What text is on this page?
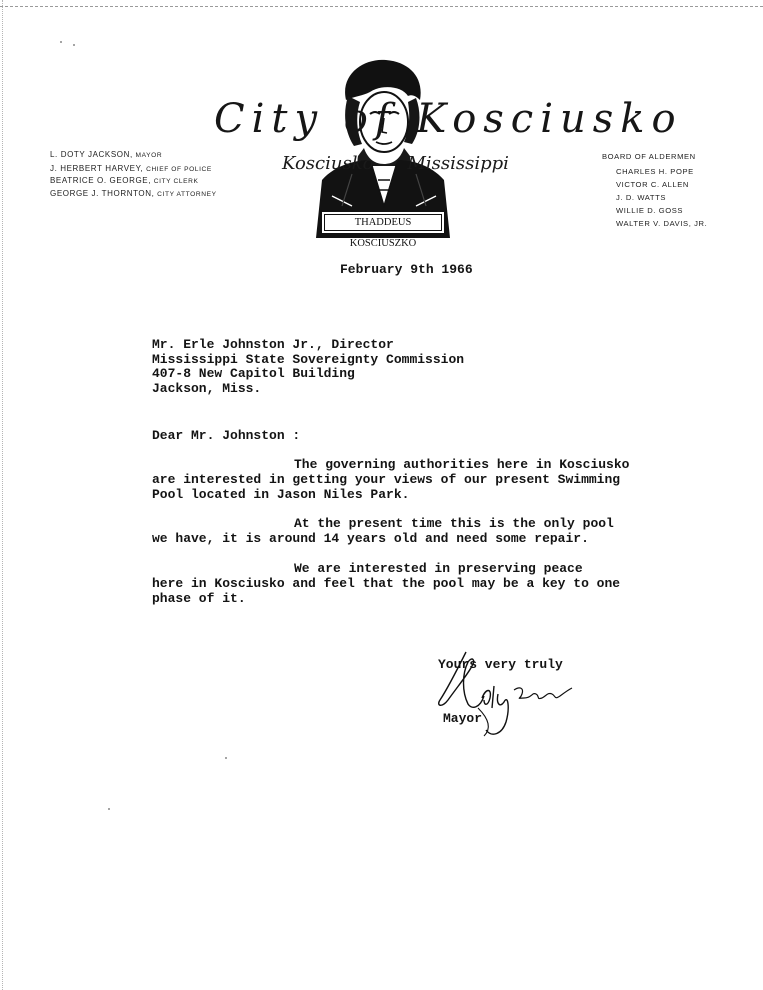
L. DOTY JACKSON, MAYOR
J. HERBERT HARVEY, CHIEF OF POLICE
BEATRICE O. GEORGE, CITY CLERK
GEORGE J. THORNTON, CITY ATTORNEY
City of Kosciusko
Kosciusko Mississippi
THADDEUS KOSCIUSZKO
BOARD OF ALDERMEN
CHARLES H. POPE
VICTOR C. ALLEN
J. D. WATTS
WILLIE D. GOSS
WALTER V. DAVIS, JR.
February 9th 1966
Mr. Erle Johnston Jr., Director
Mississippi State Sovereignty Commission
407-8 New Capitol Building
Jackson, Miss.
Dear Mr. Johnston :
The governing authorities here in Kosciusko
are interested in getting your views of our present Swimming
Pool located in Jason Niles Park.
At the present time this is the only pool
we have, it is around 14 years old and need some repair.
We are interested in preserving peace
here in Kosciusko and feel that the pool may be a key to one
phase of it.
Yours very truly
Mayor
